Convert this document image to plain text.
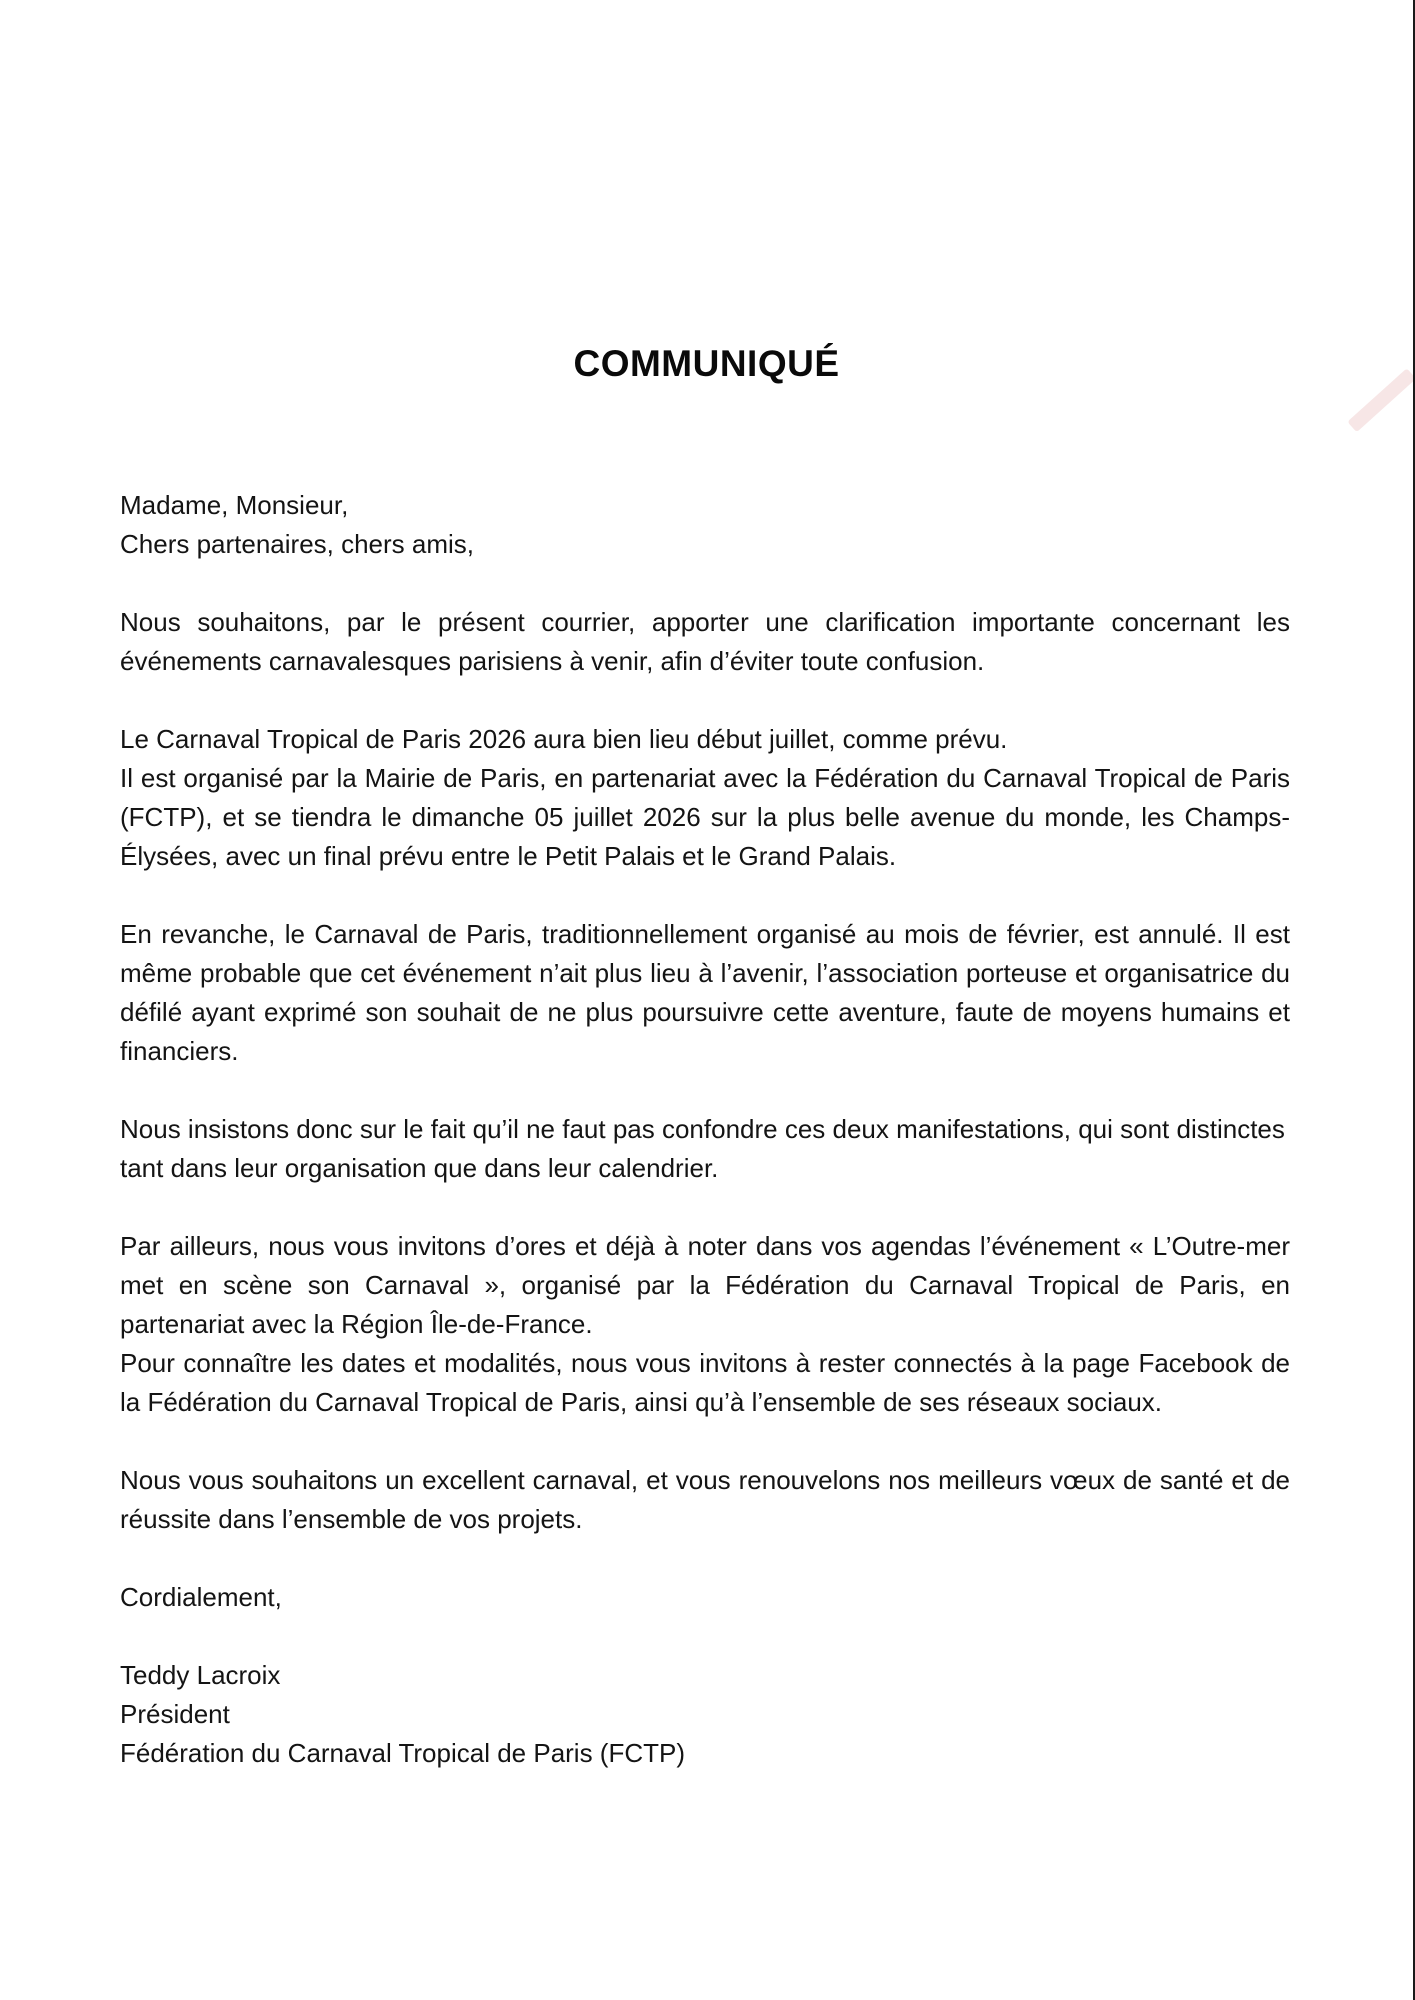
COMMUNIQUÉ
Madame, Monsieur,
Chers partenaires, chers amis,

Nous souhaitons, par le présent courrier, apporter une clarification importante concernant les événements carnavalesques parisiens à venir, afin d’éviter toute confusion.

Le Carnaval Tropical de Paris 2026 aura bien lieu début juillet, comme prévu.
Il est organisé par la Mairie de Paris, en partenariat avec la Fédération du Carnaval Tropical de Paris (FCTP), et se tiendra le dimanche 05 juillet 2026 sur la plus belle avenue du monde, les Champs-Élysées, avec un final prévu entre le Petit Palais et le Grand Palais.

En revanche, le Carnaval de Paris, traditionnellement organisé au mois de février, est annulé. Il est même probable que cet événement n’ait plus lieu à l’avenir, l’association porteuse et organisatrice du défilé ayant exprimé son souhait de ne plus poursuivre cette aventure, faute de moyens humains et financiers.

Nous insistons donc sur le fait qu’il ne faut pas confondre ces deux manifestations, qui sont distinctes tant dans leur organisation que dans leur calendrier.

Par ailleurs, nous vous invitons d’ores et déjà à noter dans vos agendas l’événement « L’Outre-mer met en scène son Carnaval », organisé par la Fédération du Carnaval Tropical de Paris, en partenariat avec la Région Île-de-France.
Pour connaître les dates et modalités, nous vous invitons à rester connectés à la page Facebook de la Fédération du Carnaval Tropical de Paris, ainsi qu’à l’ensemble de ses réseaux sociaux.

Nous vous souhaitons un excellent carnaval, et vous renouvelons nos meilleurs vœux de santé et de réussite dans l’ensemble de vos projets.

Cordialement,

Teddy Lacroix
Président
Fédération du Carnaval Tropical de Paris (FCTP)
